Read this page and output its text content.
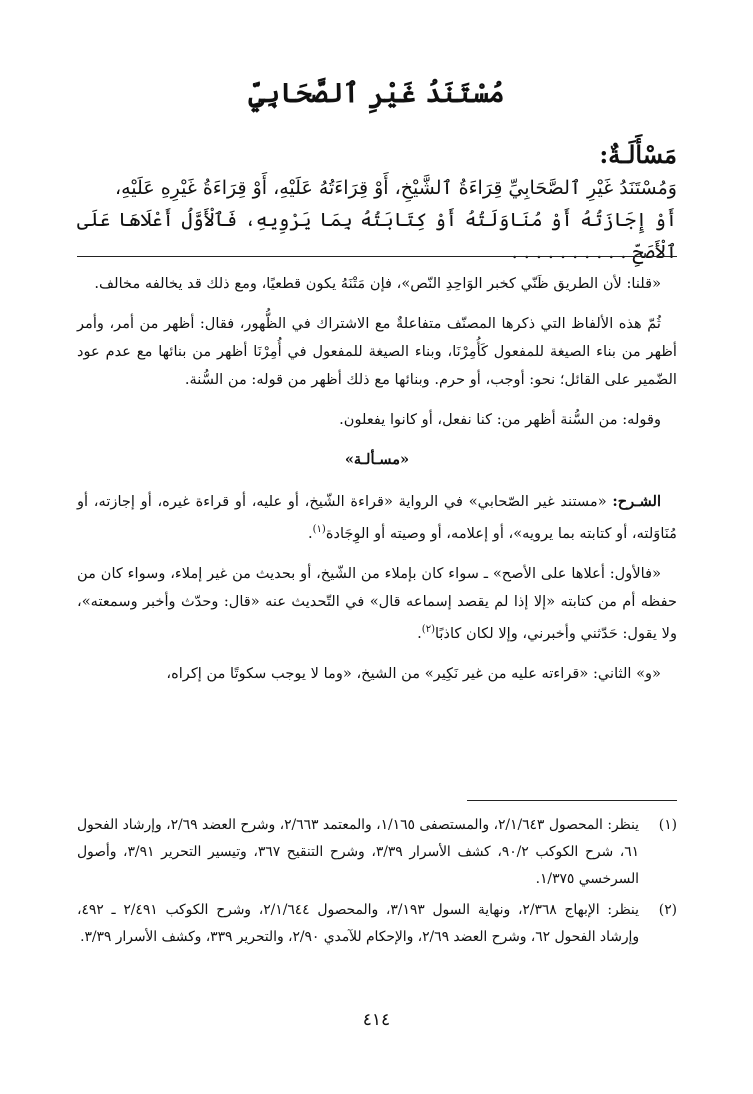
مُسْتَنَدُ غَيْرِ ٱلصَّحَابِيِّ
مَسْأَلَـةٌ:

وَمُسْتَنَدُ غَيْرِ ٱلصَّحَابِيِّ قِرَاءَةُ ٱلشَّيْخِ، أَوْ قِرَاءَتُهُ عَلَيْهِ، أَوْ قِرَاءَةُ غَيْرِهِ عَلَيْهِ،

أَوْ إِجَازَتُهُ أَوْ مُنَاوَلَتُهُ أَوْ كِتَابَتُهُ بِمَا يَرْوِيهِ، فَٱلْأَوَّلُ أَعْلَاهَا عَلَى ٱلْأَصَحِّ . . . . . . . . . .

«قلنا: لأن الطريق ظَنّي كخبر الوَاحِدِ النّص»، فإن مَتْنَهُ يكون قطعيًا، ومع ذلك قد يخالفه مخالف.

ثُمّ هذه الألفاظ التي ذكرها المصنّف متفاعلةٌ مع الاشتراك في الظُّهور، فقال: أظهر من أمر، وأمر أظهر من بناء الصيغة للمفعول كَأُمِرْنَا، وبناء الصيغة للمفعول في أُمِرْنَا أظهر من بنائها مع عدم عود الضّمير على القائل؛ نحو: أوجب، أو حرم. وبنائها مع ذلك أظهر من قوله: من السُّنة.

وقوله: من السُّنة أظهر من: كنا نفعل، أو كانوا يفعلون.

«مسـألـة»

الشـرح: «مستند غير الصّحابي» في الرواية «قراءة الشّيخ، أو عليه، أو قراءة غيره، أو إجازته، أو مُنَاوَلته، أو كتابته بما يرويه»، أو إعلامه، أو وصيته أو الوِجَادة$^{(١)}$.

«فالأول: أعلاها على الأصح» ـ سواء كان بإملاء من الشّيخ، أو بحديث من غير إملاء، وسواء كان من حفظه أم من كتابته «إلا إذا لم يقصد إسماعه قال» في التّحديث عنه «قال: وحدّث وأخبر وسمعته»، ولا يقول: حَدّثني وأخبرني، وإلا لكان كاذبًا$^{(٢)}$.

«و» الثاني: «قراءته عليه من غير نَكِير» من الشيخ، «وما لا يوجب سكوتًا من إكراه،

(١)
ينظر: المحصول ٢/١/٦٤٣، والمستصفى ١/١٦٥، والمعتمد ٢/٦٦٣، وشرح العضد ٢/٦٩، وإرشاد الفحول ٦١، شرح الكوكب ٩٠/٢، كشف الأسرار ٣/٣٩، وشرح التنقيح ٣٦٧، وتيسير التحرير ٣/٩١، وأصول السرخسي ١/٣٧٥.
(٢)
ينظر: الإبهاج ٢/٣٦٨، ونهاية السول ٣/١٩٣، والمحصول ٢/١/٦٤٤، وشرح الكوكب ٢/٤٩١ ـ ٤٩٢، وإرشاد الفحول ٦٢، وشرح العضد ٢/٦٩، والإحكام للآمدي ٢/٩٠، والتحرير ٣٣٩، وكشف الأسرار ٣/٣٩.
٤١٤
